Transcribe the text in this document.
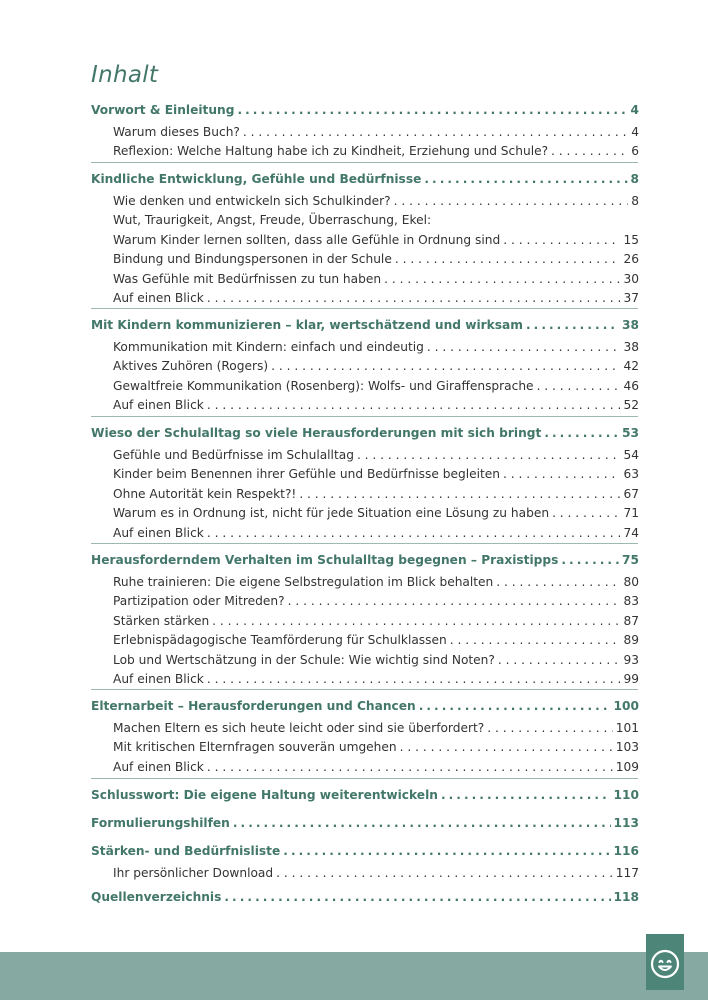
Inhalt
Vorwort & Einleitung . . .	4
Warum dieses Buch? . . .	4
Reflexion: Welche Haltung habe ich zu Kindheit, Erziehung und Schule? . . .	6
Kindliche Entwicklung, Gefühle und Bedürfnisse . . .	8
Wie denken und entwickeln sich Schulkinder? . . .	8
Wut, Traurigkeit, Angst, Freude, Überraschung, Ekel:
Warum Kinder lernen sollten, dass alle Gefühle in Ordnung sind . . .	15
Bindung und Bindungspersonen in der Schule . . .	26
Was Gefühle mit Bedürfnissen zu tun haben . . .	30
Auf einen Blick . . .	37
Mit Kindern kommunizieren – klar, wertschätzend und wirksam . . .	38
Kommunikation mit Kindern: einfach und eindeutig . . .	38
Aktives Zuhören (Rogers) . . .	42
Gewaltfreie Kommunikation (Rosenberg): Wolfs- und Giraffensprache . . .	46
Auf einen Blick . . .	52
Wieso der Schulalltag so viele Herausforderungen mit sich bringt . . .	53
Gefühle und Bedürfnisse im Schulalltag . . .	54
Kinder beim Benennen ihrer Gefühle und Bedürfnisse begleiten . . .	63
Ohne Autorität kein Respekt?! . . .	67
Warum es in Ordnung ist, nicht für jede Situation eine Lösung zu haben . . .	71
Auf einen Blick . . .	74
Herausforderndem Verhalten im Schulalltag begegnen – Praxistipps . . .	75
Ruhe trainieren: Die eigene Selbstregulation im Blick behalten . . .	80
Partizipation oder Mitreden? . . .	83
Stärken stärken . . .	87
Erlebnispädagogische Teamförderung für Schulklassen . . .	89
Lob und Wertschätzung in der Schule: Wie wichtig sind Noten? . . .	93
Auf einen Blick . . .	99
Elternarbeit – Herausforderungen und Chancen . . .	100
Machen Eltern es sich heute leicht oder sind sie überfordert? . . .	101
Mit kritischen Elternfragen souverän umgehen . . .	103
Auf einen Blick . . .	109
Schlusswort: Die eigene Haltung weiterentwickeln . . .	110
Formulierungshilfen . . .	113
Stärken- und Bedürfnisliste . . .	116
Ihr persönlicher Download . . .	117
Quellenverzeichnis . . .	118
